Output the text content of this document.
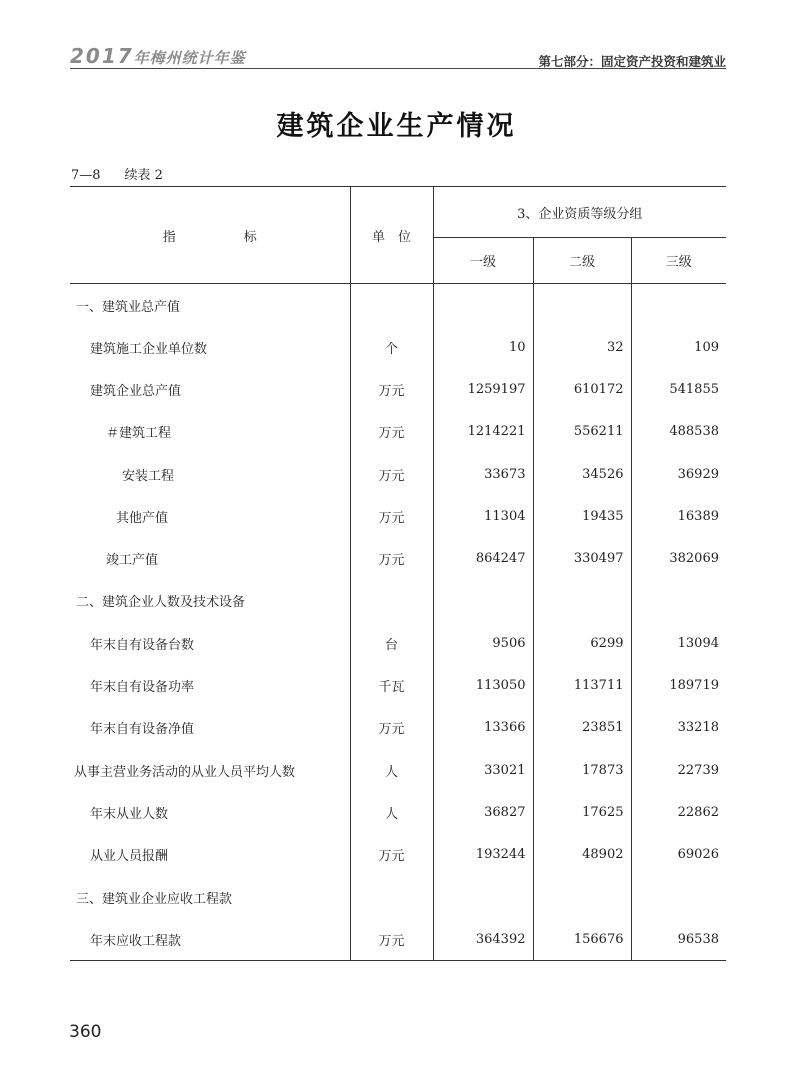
2017年梅州统计年鉴	第七部分：固定资产投资和建筑业
建筑企业生产情况
7—8 续表 2
指 标	单　位	3、企业资质等级分组		
		一级	二级	三级
一、建筑业总产值				
建筑施工企业单位数	个	10	32	109
建筑企业总产值	万元	1259197	610172	541855
＃建筑工程	万元	1214221	556211	488538
安装工程	万元	33673	34526	36929
其他产值	万元	11304	19435	16389
竣工产值	万元	864247	330497	382069
二、建筑企业人数及技术设备				
年末自有设备台数	台	9506	6299	13094
年末自有设备功率	千瓦	113050	113711	189719
年末自有设备净值	万元	13366	23851	33218
从事主营业务活动的从业人员平均人数	人	33021	17873	22739
年末从业人数	人	36827	17625	22862
从业人员报酬	万元	193244	48902	69026
三、建筑业企业应收工程款				
年末应收工程款	万元	364392	156676	96538
360
